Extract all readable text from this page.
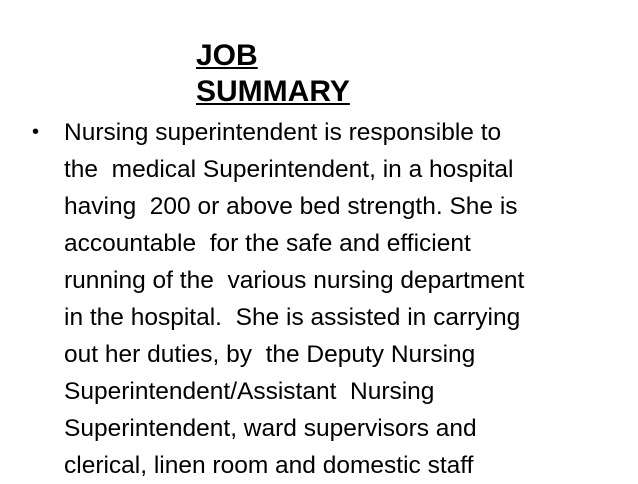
JOB
SUMMARY
•	Nursing superintendent is responsible to
the  medical Superintendent, in a hospital
having  200 or above bed strength. She is
accountable  for the safe and efficient
running of the  various nursing department
in the hospital.  She is assisted in carrying
out her duties, by  the Deputy Nursing
Superintendent/Assistant  Nursing
Superintendent, ward supervisors and
clerical, linen room and domestic staff
